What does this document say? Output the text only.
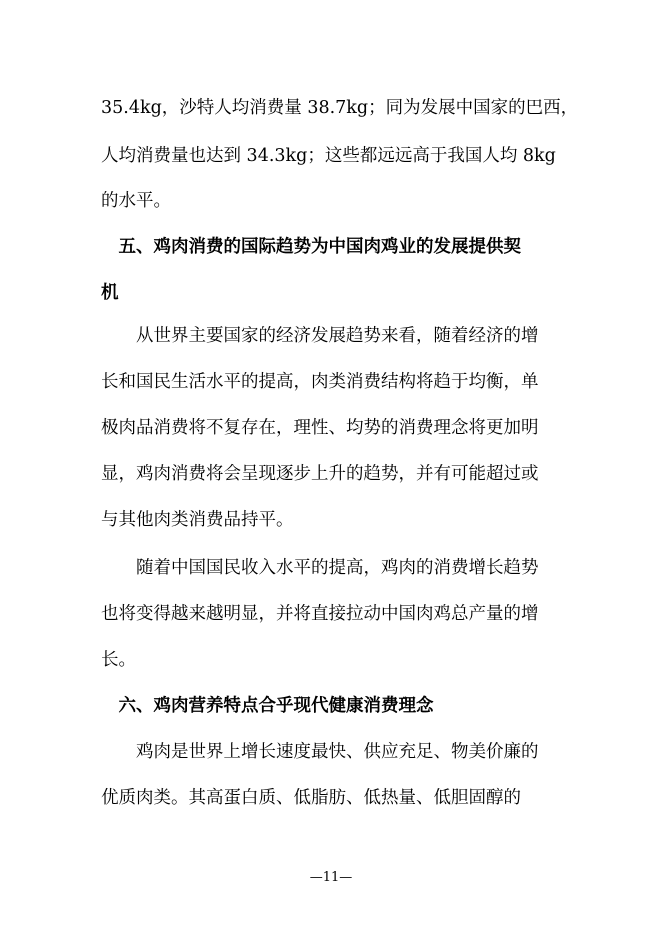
35.4kg，沙特人均消费量 38.7kg；同为发展中国家的巴西，
人均消费量也达到 34.3kg；这些都远远高于我国人均 8kg
的水平。
　五、鸡肉消费的国际趋势为中国肉鸡业的发展提供契
机
　　从世界主要国家的经济发展趋势来看，随着经济的增
长和国民生活水平的提高，肉类消费结构将趋于均衡，单
极肉品消费将不复存在，理性、均势的消费理念将更加明
显，鸡肉消费将会呈现逐步上升的趋势，并有可能超过或
与其他肉类消费品持平。
　　随着中国国民收入水平的提高，鸡肉的消费增长趋势
也将变得越来越明显，并将直接拉动中国肉鸡总产量的增
长。
　六、鸡肉营养特点合乎现代健康消费理念
　　鸡肉是世界上增长速度最快、供应充足、物美价廉的
优质肉类。其高蛋白质、低脂肪、低热量、低胆固醇的
—11—
